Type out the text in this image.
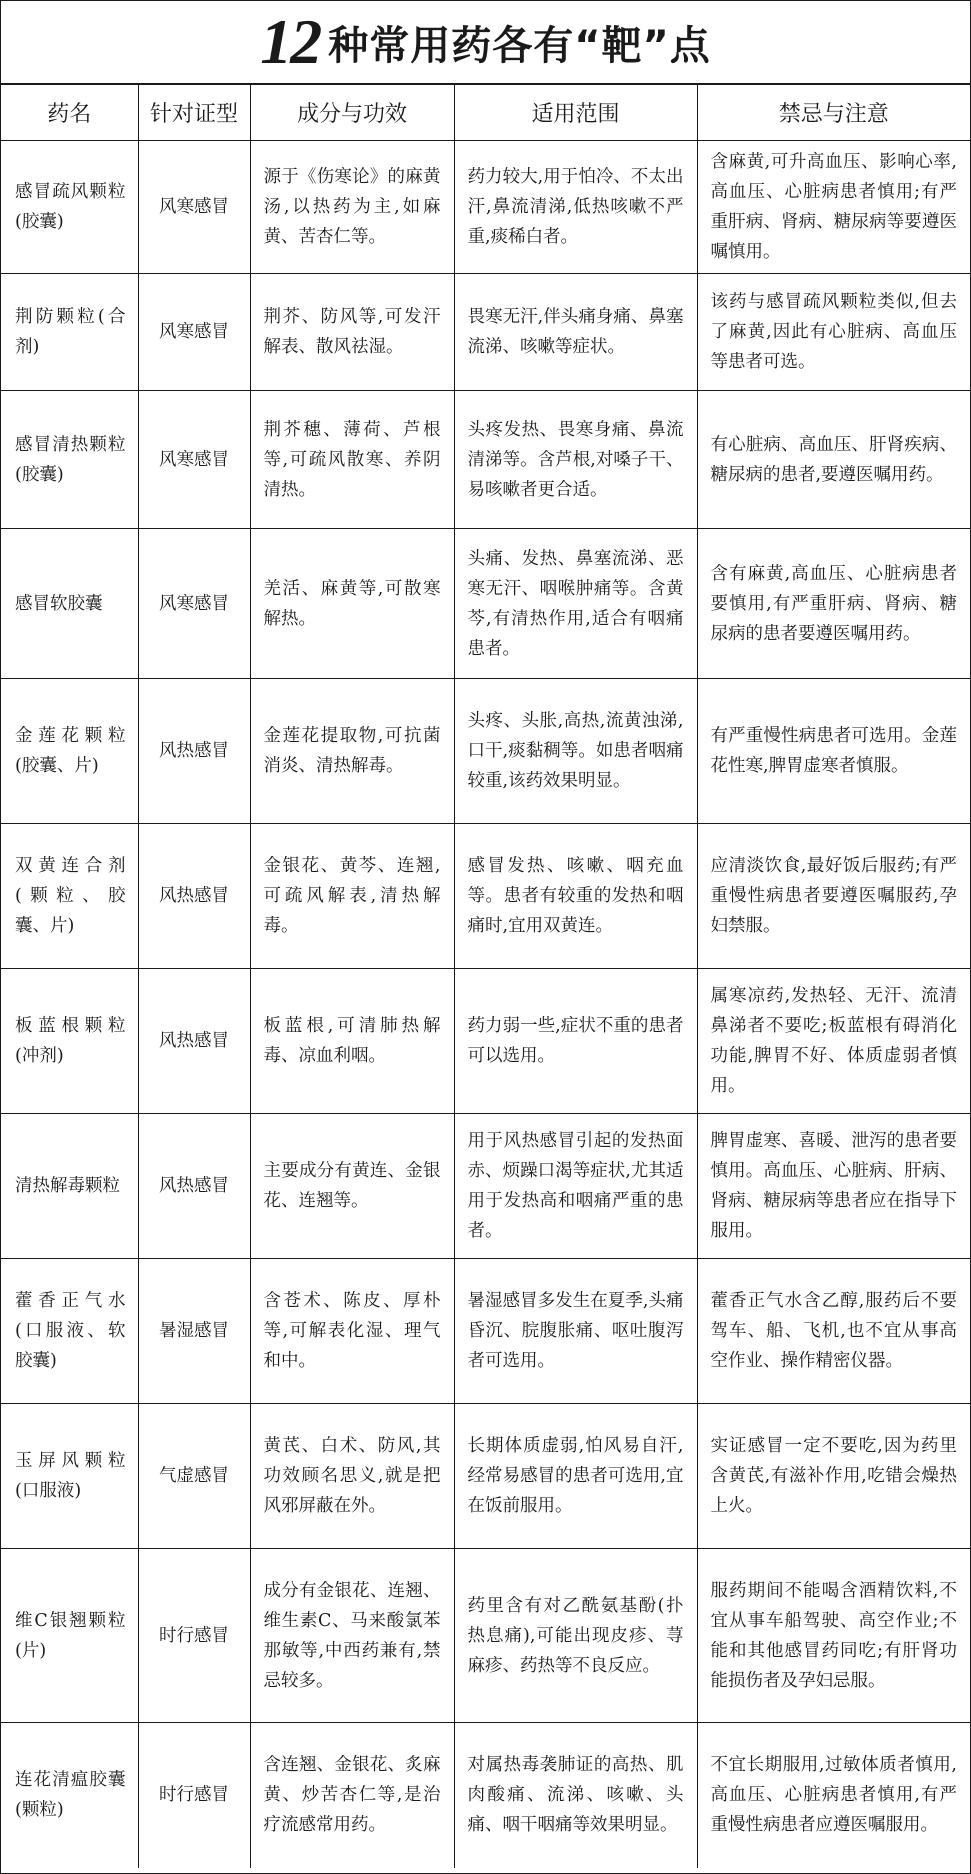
12 种常用药各有“靶”点
药名	针对证型	成分与功效	适用范围	禁忌与注意
感冒疏风颗粒(胶囊)	风寒感冒	源于《伤寒论》的麻黄汤,以热药为主,如麻黄、苦杏仁等。	药力较大,用于怕冷、不太出汗,鼻流清涕,低热咳嗽不严重,痰稀白者。	含麻黄,可升高血压、影响心率,高血压、心脏病患者慎用;有严重肝病、肾病、糖尿病等要遵医嘱慎用。
荆防颗粒(合剂)	风寒感冒	荆芥、防风等,可发汗解表、散风祛湿。	畏寒无汗,伴头痛身痛、鼻塞流涕、咳嗽等症状。	该药与感冒疏风颗粒类似,但去了麻黄,因此有心脏病、高血压等患者可选。
感冒清热颗粒(胶囊)	风寒感冒	荆芥穗、薄荷、芦根等,可疏风散寒、养阴清热。	头疼发热、畏寒身痛、鼻流清涕等。含芦根,对嗓子干、易咳嗽者更合适。	有心脏病、高血压、肝肾疾病、糖尿病的患者,要遵医嘱用药。
感冒软胶囊	风寒感冒	羌活、麻黄等,可散寒解热。	头痛、发热、鼻塞流涕、恶寒无汗、咽喉肿痛等。含黄芩,有清热作用,适合有咽痛患者。	含有麻黄,高血压、心脏病患者要慎用,有严重肝病、肾病、糖尿病的患者要遵医嘱用药。
金莲花颗粒(胶囊、片)	风热感冒	金莲花提取物,可抗菌消炎、清热解毒。	头疼、头胀,高热,流黄浊涕,口干,痰黏稠等。如患者咽痛较重,该药效果明显。	有严重慢性病患者可选用。金莲花性寒,脾胃虚寒者慎服。
双黄连合剂(颗粒、胶囊、片)	风热感冒	金银花、黄芩、连翘,可疏风解表,清热解毒。	感冒发热、咳嗽、咽充血等。患者有较重的发热和咽痛时,宜用双黄连。	应清淡饮食,最好饭后服药;有严重慢性病患者要遵医嘱服药,孕妇禁服。
板蓝根颗粒(冲剂)	风热感冒	板蓝根,可清肺热解毒、凉血利咽。	药力弱一些,症状不重的患者可以选用。	属寒凉药,发热轻、无汗、流清鼻涕者不要吃;板蓝根有碍消化功能,脾胃不好、体质虚弱者慎用。
清热解毒颗粒	风热感冒	主要成分有黄连、金银花、连翘等。	用于风热感冒引起的发热面赤、烦躁口渴等症状,尤其适用于发热高和咽痛严重的患者。	脾胃虚寒、喜暖、泄泻的患者要慎用。高血压、心脏病、肝病、肾病、糖尿病等患者应在指导下服用。
藿香正气水(口服液、软胶囊)	暑湿感冒	含苍术、陈皮、厚朴等,可解表化湿、理气和中。	暑湿感冒多发生在夏季,头痛昏沉、脘腹胀痛、呕吐腹泻者可选用。	藿香正气水含乙醇,服药后不要驾车、船、飞机,也不宜从事高空作业、操作精密仪器。
玉屏风颗粒(口服液)	气虚感冒	黄芪、白术、防风,其功效顾名思义,就是把风邪屏蔽在外。	长期体质虚弱,怕风易自汗,经常易感冒的患者可选用,宜在饭前服用。	实证感冒一定不要吃,因为药里含黄芪,有滋补作用,吃错会燥热上火。
维C银翘颗粒(片)	时行感冒	成分有金银花、连翘、维生素C、马来酸氯苯那敏等,中西药兼有,禁忌较多。	药里含有对乙酰氨基酚(扑热息痛),可能出现皮疹、荨麻疹、药热等不良反应。	服药期间不能喝含酒精饮料,不宜从事车船驾驶、高空作业;不能和其他感冒药同吃;有肝肾功能损伤者及孕妇忌服。
连花清瘟胶囊(颗粒)	时行感冒	含连翘、金银花、炙麻黄、炒苦杏仁等,是治疗流感常用药。	对属热毒袭肺证的高热、肌肉酸痛、流涕、咳嗽、头痛、咽干咽痛等效果明显。	不宜长期服用,过敏体质者慎用,高血压、心脏病患者慎用,有严重慢性病患者应遵医嘱服用。
